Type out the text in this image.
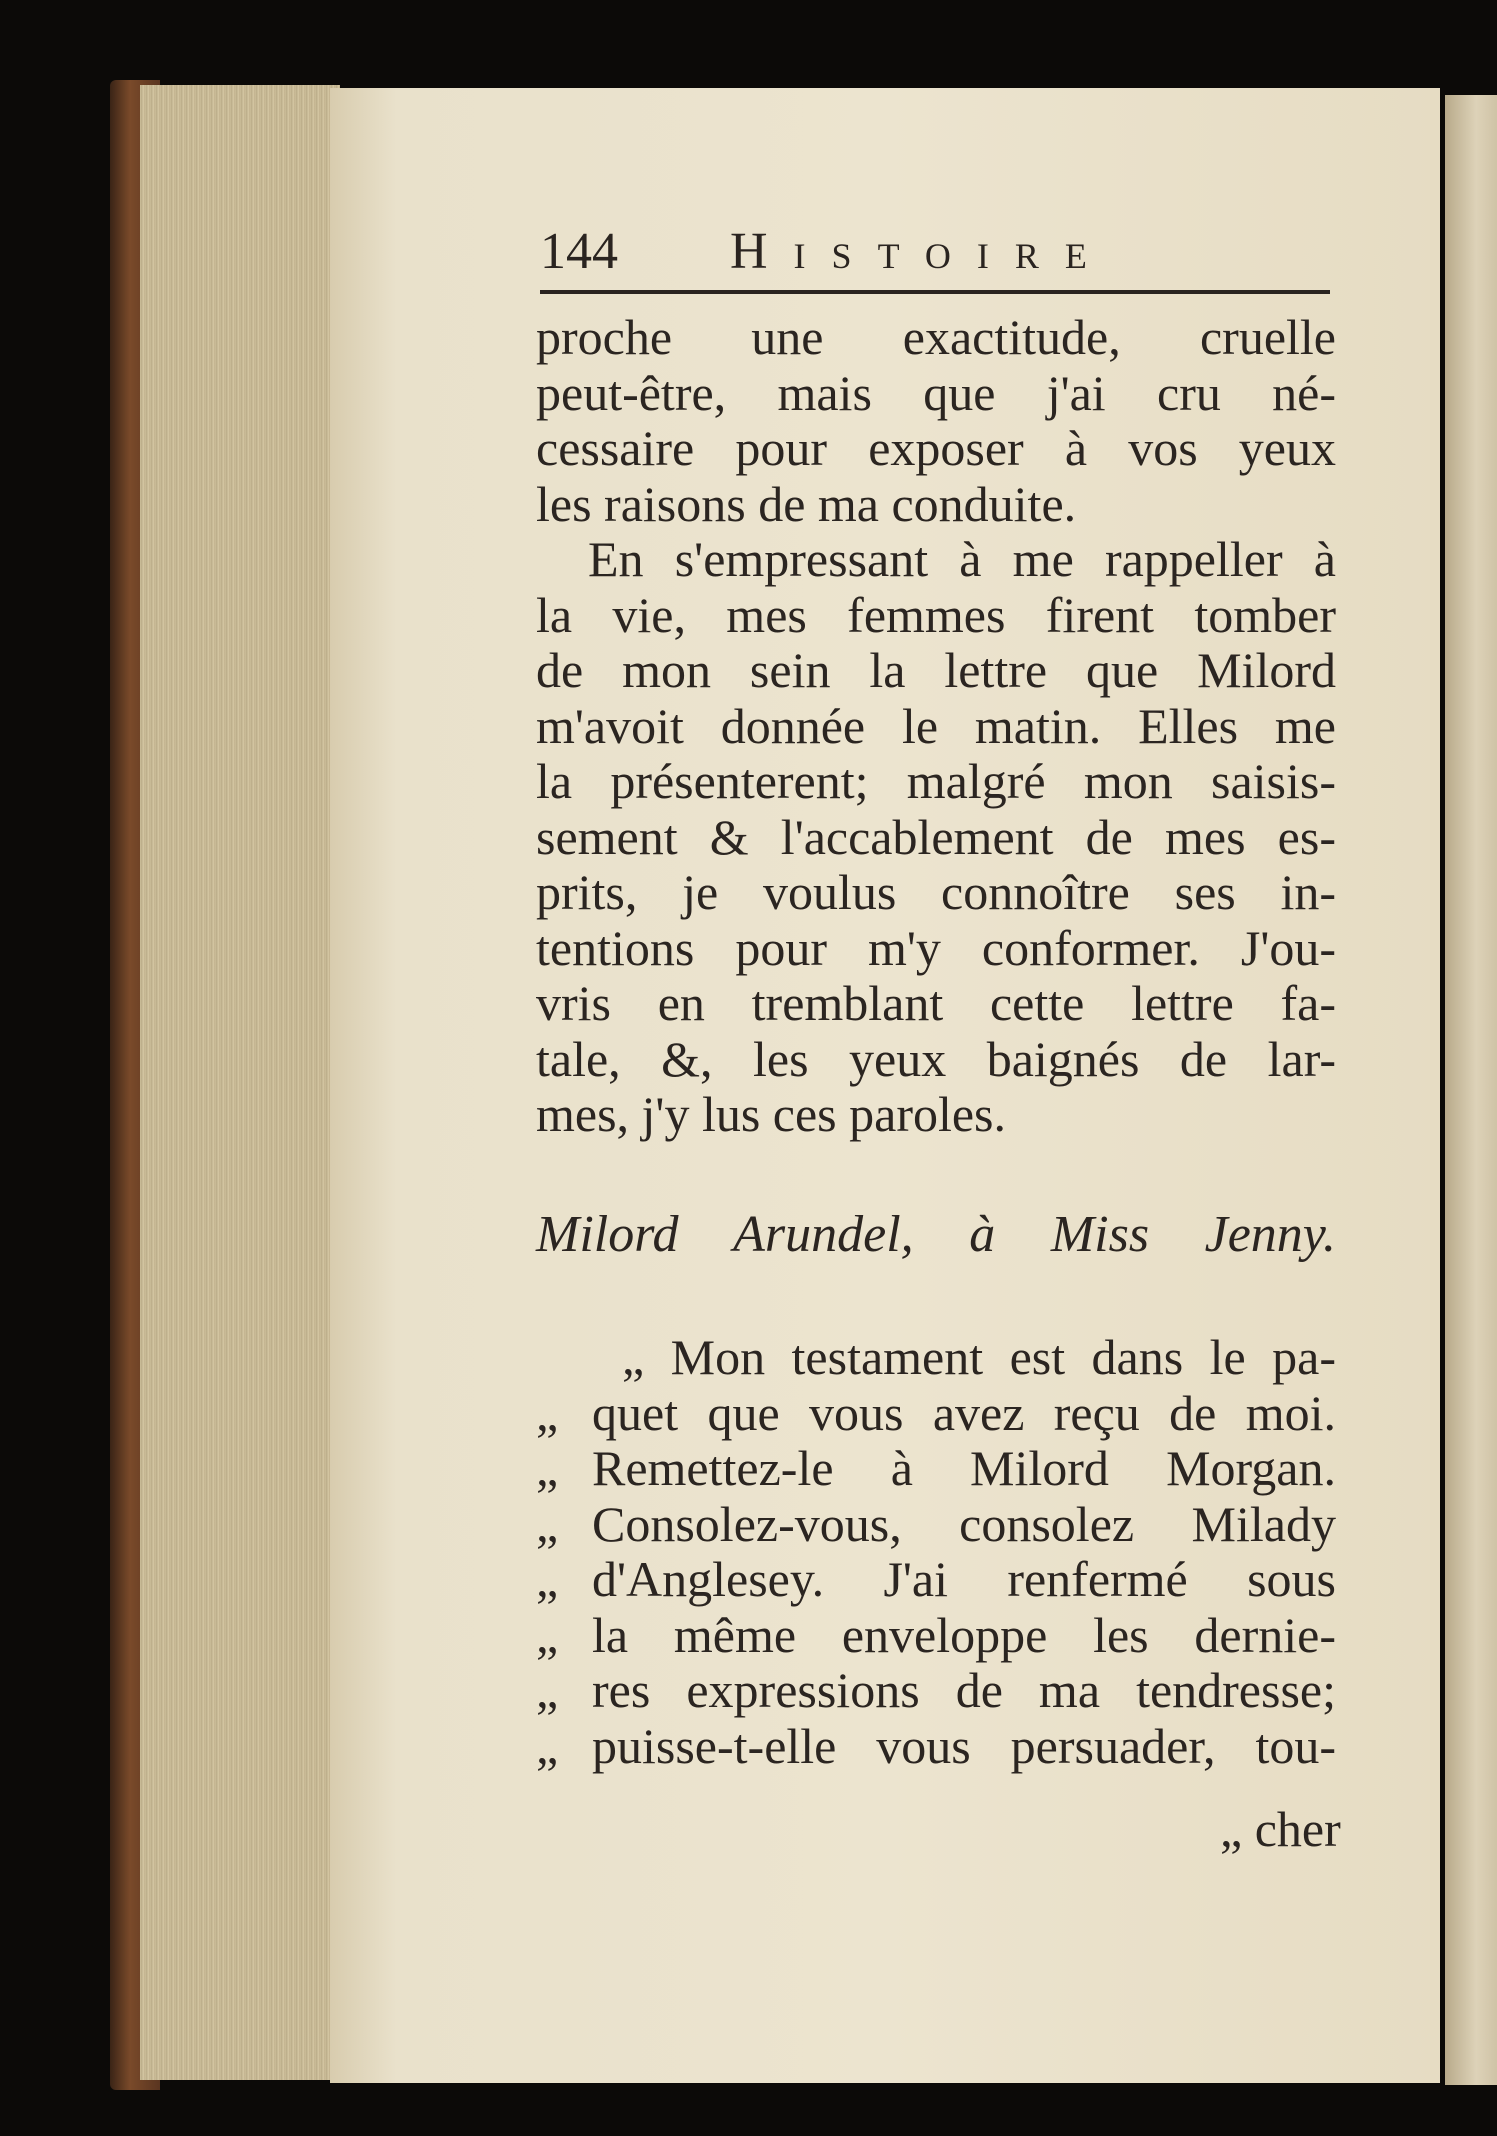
144 Histoire
proche une exactitude, cruelle
peut-être, mais que j'ai cru né-
cessaire pour exposer à vos yeux
les raisons de ma conduite.
En s'empressant à me rappeller à
la vie, mes femmes firent tomber
de mon sein la lettre que Milord
m'avoit donnée le matin. Elles me
la présenterent; malgré mon saisis-
sement & l'accablement de mes es-
prits, je voulus connoître ses in-
tentions pour m'y conformer. J'ou-
vris en tremblant cette lettre fa-
tale, &, les yeux baignés de lar-
mes, j'y lus ces paroles.
Milord Arundel, à Miss Jenny.
„ Mon testament est dans le pa-
„ quet que vous avez reçu de moi.
„ Remettez-le à Milord Morgan.
„ Consolez-vous, consolez Milady
„ d'Anglesey. J'ai renfermé sous
„ la même enveloppe les dernie-
„ res expressions de ma tendresse;
„ puisse-t-elle vous persuader, tou-
„ cher
